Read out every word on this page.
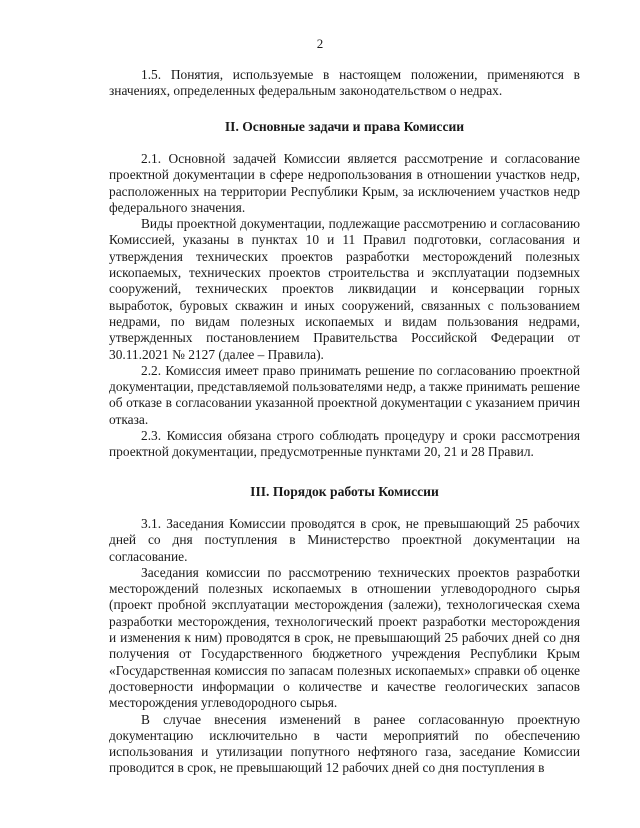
2

1.5. Понятия, используемые в настоящем положении, применяются в значениях, определенных федеральным законодательством о недрах.

II. Основные задачи и права Комиссии

2.1. Основной задачей Комиссии является рассмотрение и согласование проектной документации в сфере недропользования в отношении участков недр, расположенных на территории Республики Крым, за исключением участков недр федерального значения.

Виды проектной документации, подлежащие рассмотрению и согласованию Комиссией, указаны в пунктах 10 и 11 Правил подготовки, согласования и утверждения технических проектов разработки месторождений полезных ископаемых, технических проектов строительства и эксплуатации подземных сооружений, технических проектов ликвидации и консервации горных выработок, буровых скважин и иных сооружений, связанных с пользованием недрами, по видам полезных ископаемых и видам пользования недрами, утвержденных постановлением Правительства Российской Федерации от 30.11.2021 № 2127 (далее – Правила).

2.2. Комиссия имеет право принимать решение по согласованию проектной документации, представляемой пользователями недр, а также принимать решение об отказе в согласовании указанной проектной документации с указанием причин отказа.

2.3. Комиссия обязана строго соблюдать процедуру и сроки рассмотрения проектной документации, предусмотренные пунктами 20, 21 и 28 Правил.

III. Порядок работы Комиссии

3.1. Заседания Комиссии проводятся в срок, не превышающий 25 рабочих дней со дня поступления в Министерство проектной документации на согласование.

Заседания комиссии по рассмотрению технических проектов разработки месторождений полезных ископаемых в отношении углеводородного сырья (проект пробной эксплуатации месторождения (залежи), технологическая схема разработки месторождения, технологический проект разработки месторождения и изменения к ним) проводятся в срок, не превышающий 25 рабочих дней со дня получения от Государственного бюджетного учреждения Республики Крым «Государственная комиссия по запасам полезных ископаемых» справки об оценке достоверности информации о количестве и качестве геологических запасов месторождения углеводородного сырья.

В случае внесения изменений в ранее согласованную проектную документацию исключительно в части мероприятий по обеспечению использования и утилизации попутного нефтяного газа, заседание Комиссии проводится в срок, не превышающий 12 рабочих дней со дня поступления в
